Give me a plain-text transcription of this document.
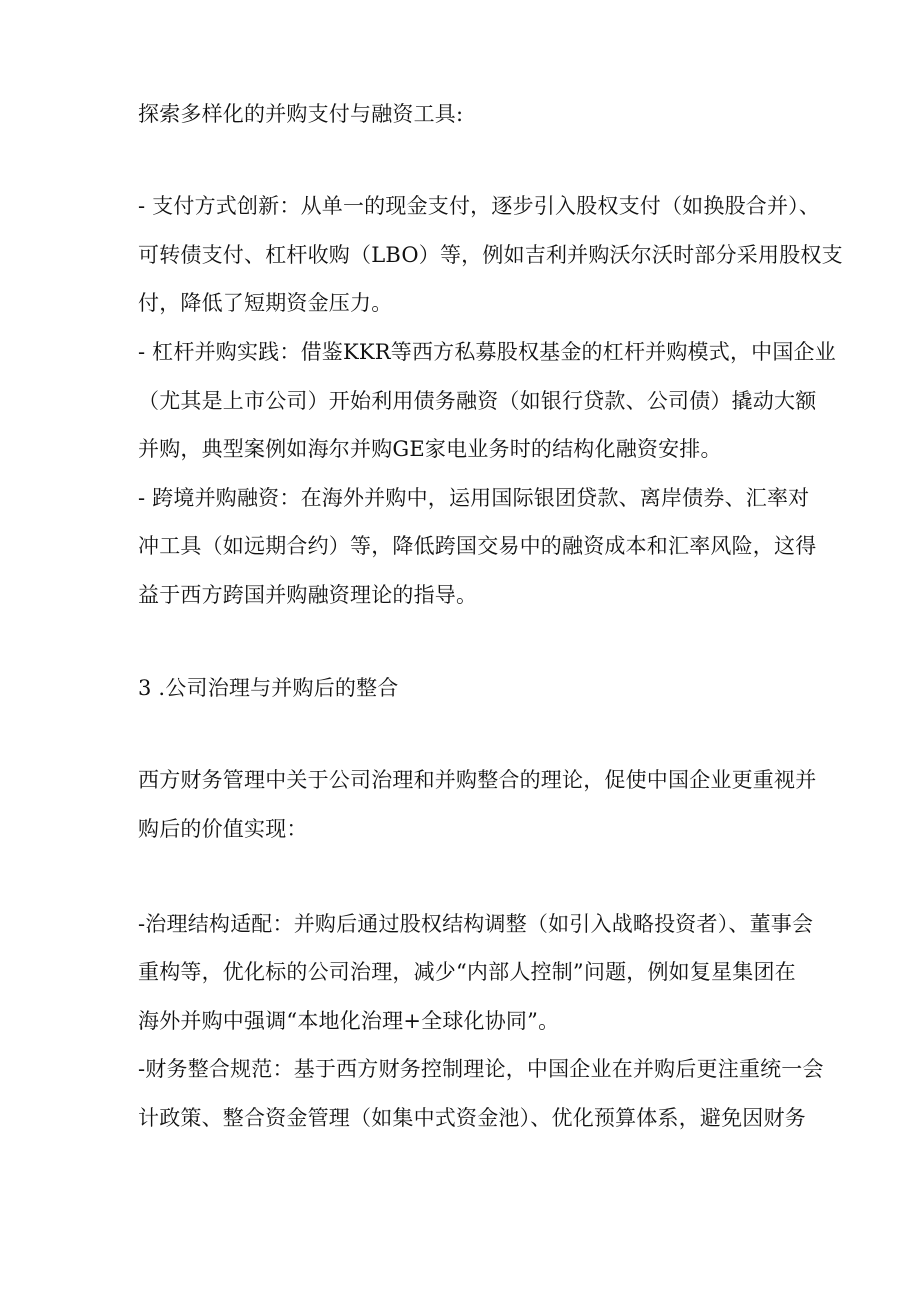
探索多样化的并购支付与融资工具:
- 支付方式创新：从单一的现金支付，逐步引入股权支付（如换股合并）、
可转债支付、杠杆收购（LBO）等，例如吉利并购沃尔沃时部分采用股权支
付，降低了短期资金压力。
- 杠杆并购实践：借鉴KKR等西方私募股权基金的杠杆并购模式，中国企业
（尤其是上市公司）开始利用债务融资（如银行贷款、公司债）撬动大额
并购，典型案例如海尔并购GE家电业务时的结构化融资安排。
- 跨境并购融资：在海外并购中，运用国际银团贷款、离岸债券、汇率对
冲工具（如远期合约）等，降低跨国交易中的融资成本和汇率风险，这得
益于西方跨国并购融资理论的指导。
3 .公司治理与并购后的整合
西方财务管理中关于公司治理和并购整合的理论，促使中国企业更重视并
购后的价值实现：
-治理结构适配：并购后通过股权结构调整（如引入战略投资者）、董事会
重构等，优化标的公司治理，减少“内部人控制”问题，例如复星集团在
海外并购中强调“本地化治理+全球化协同”。
-财务整合规范：基于西方财务控制理论，中国企业在并购后更注重统一会
计政策、整合资金管理（如集中式资金池）、优化预算体系，避免因财务
